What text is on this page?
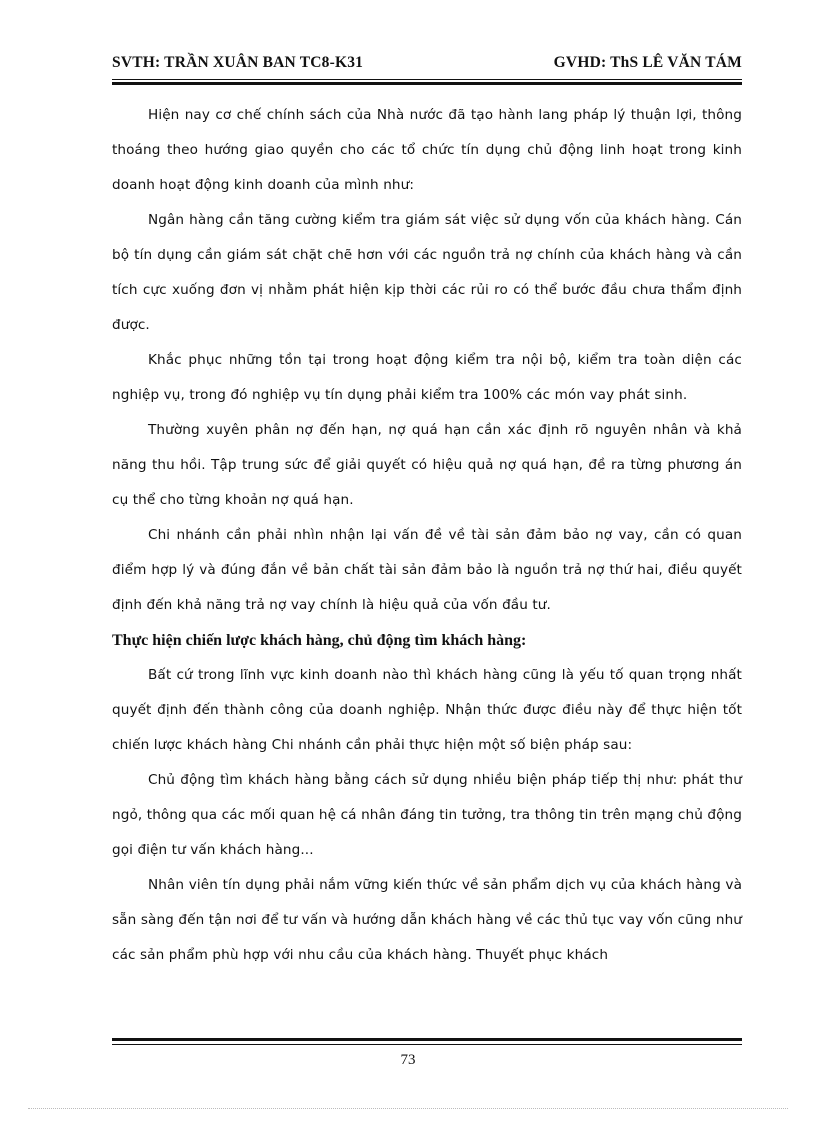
SVTH: TRẦN XUÂN BAN TC8-K31	GVHD: ThS LÊ VĂN TÁM

Hiện nay cơ chế chính sách của Nhà nước đã tạo hành lang pháp lý thuận lợi, thông thoáng theo hướng giao quyền cho các tổ chức tín dụng chủ động linh hoạt trong kinh doanh hoạt động kinh doanh của mình như:

Ngân hàng cần tăng cường kiểm tra giám sát việc sử dụng vốn của khách hàng. Cán bộ tín dụng cần giám sát chặt chẽ hơn với các nguồn trả nợ chính của khách hàng và cần tích cực xuống đơn vị nhằm phát hiện kịp thời các rủi ro có thể bước đầu chưa thẩm định được.

Khắc phục những tồn tại trong hoạt động kiểm tra nội bộ, kiểm tra toàn diện các nghiệp vụ, trong đó nghiệp vụ tín dụng phải kiểm tra 100% các món vay phát sinh.

Thường xuyên phân nợ đến hạn, nợ quá hạn cần xác định rõ nguyên nhân và khả năng thu hồi. Tập trung sức để giải quyết có hiệu quả nợ quá hạn, đề ra từng phương án cụ thể cho từng khoản nợ quá hạn.

Chi nhánh cần phải nhìn nhận lại vấn đề về tài sản đảm bảo nợ vay, cần có quan điểm hợp lý và đúng đắn về bản chất tài sản đảm bảo là nguồn trả nợ thứ hai, điều quyết định đến khả năng trả nợ vay chính là hiệu quả của vốn đầu tư.

Thực hiện chiến lược khách hàng, chủ động tìm khách hàng:

Bất cứ trong lĩnh vực kinh doanh nào thì khách hàng cũng là yếu tố quan trọng nhất quyết định đến thành công của doanh nghiệp. Nhận thức được điều này để thực hiện tốt chiến lược khách hàng Chi nhánh cần phải thực hiện một số biện pháp sau:

Chủ động tìm khách hàng bằng cách sử dụng nhiều biện pháp tiếp thị như: phát thư ngỏ, thông qua các mối quan hệ cá nhân đáng tin tưởng, tra thông tin trên mạng chủ động gọi điện tư vấn khách hàng...

Nhân viên tín dụng phải nắm vững kiến thức về sản phẩm dịch vụ của khách hàng và sẵn sàng đến tận nơi để tư vấn và hướng dẫn khách hàng về các thủ tục vay vốn cũng như các sản phẩm phù hợp với nhu cầu của khách hàng. Thuyết phục khách

73
